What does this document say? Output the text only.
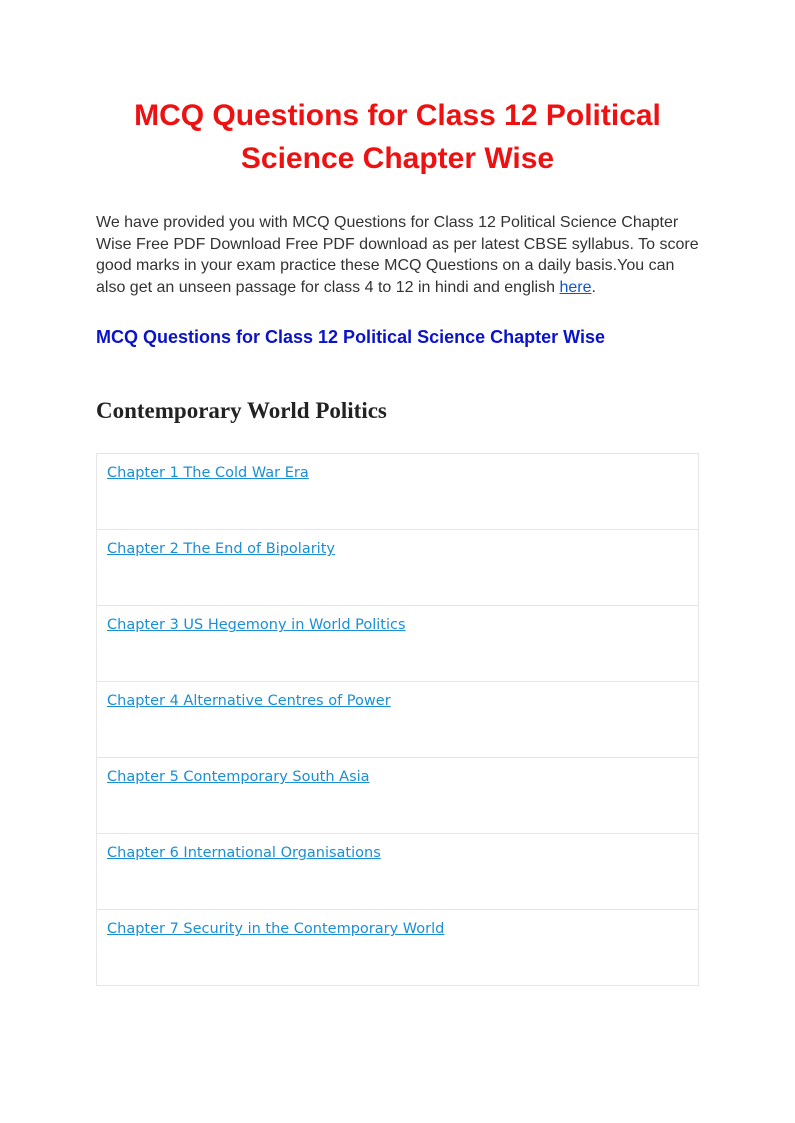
MCQ Questions for Class 12 Political Science Chapter Wise

We have provided you with MCQ Questions for Class 12 Political Science Chapter Wise Free PDF Download Free PDF download as per latest CBSE syllabus. To score good marks in your exam practice these MCQ Questions on a daily basis.You can also get an unseen passage for class 4 to 12 in hindi and english here.

MCQ Questions for Class 12 Political Science Chapter Wise
Contemporary World Politics
Chapter 1 The Cold War Era
Chapter 2 The End of Bipolarity
Chapter 3 US Hegemony in World Politics
Chapter 4 Alternative Centres of Power
Chapter 5 Contemporary South Asia
Chapter 6 International Organisations
Chapter 7 Security in the Contemporary World
